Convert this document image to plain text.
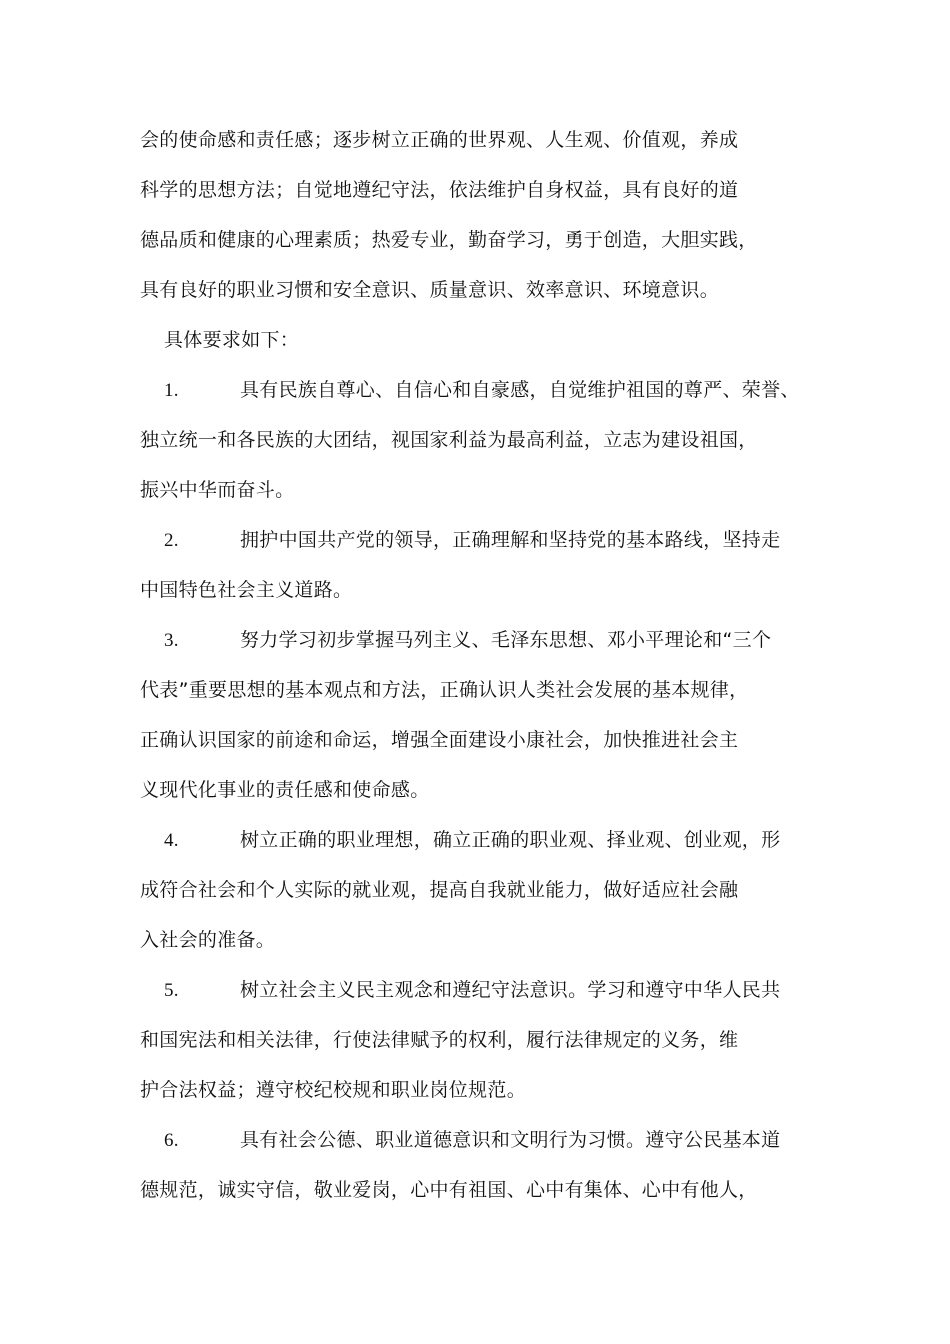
会的使命感和责任感；逐步树立正确的世界观、人生观、价值观，养成
科学的思想方法；自觉地遵纪守法，依法维护自身权益，具有良好的道
德品质和健康的心理素质；热爱专业，勤奋学习，勇于创造，大胆实践，
具有良好的职业习惯和安全意识、质量意识、效率意识、环境意识。
具体要求如下：
1.	具有民族自尊心、自信心和自豪感，自觉维护祖国的尊严、荣誉、
独立统一和各民族的大团结，视国家利益为最高利益，立志为建设祖国，
振兴中华而奋斗。
2.	拥护中国共产党的领导，正确理解和坚持党的基本路线，坚持走
中国特色社会主义道路。
3.	努力学习初步掌握马列主义、毛泽东思想、邓小平理论和“三个
代表”重要思想的基本观点和方法，正确认识人类社会发展的基本规律，
正确认识国家的前途和命运，增强全面建设小康社会，加快推进社会主
义现代化事业的责任感和使命感。
4.	树立正确的职业理想，确立正确的职业观、择业观、创业观，形
成符合社会和个人实际的就业观，提高自我就业能力，做好适应社会融
入社会的准备。
5.	树立社会主义民主观念和遵纪守法意识。学习和遵守中华人民共
和国宪法和相关法律，行使法律赋予的权利，履行法律规定的义务，维
护合法权益；遵守校纪校规和职业岗位规范。
6.	具有社会公德、职业道德意识和文明行为习惯。遵守公民基本道
德规范，诚实守信，敬业爱岗，心中有祖国、心中有集体、心中有他人，
